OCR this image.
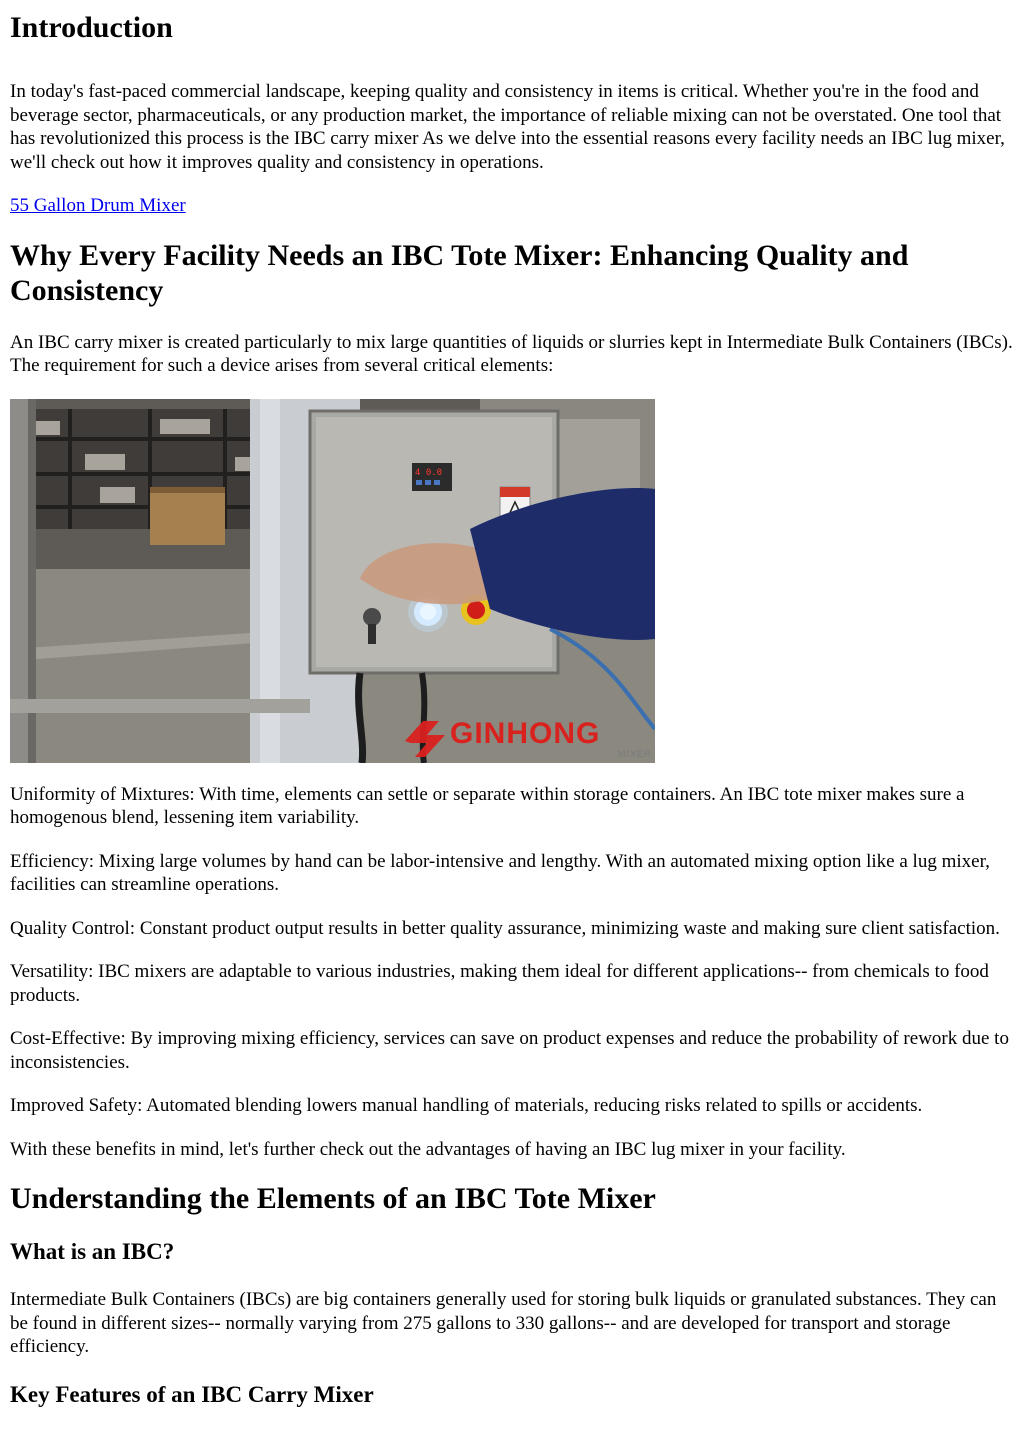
Introduction

In today's fast-paced commercial landscape, keeping quality and consistency in items is critical. Whether you're in the food and beverage sector, pharmaceuticals, or any production market, the importance of reliable mixing can not be overstated. One tool that has revolutionized this process is the IBC carry mixer As we delve into the essential reasons every facility needs an IBC lug mixer, we'll check out how it improves quality and consistency in operations.

55 Gallon Drum Mixer

Why Every Facility Needs an IBC Tote Mixer: Enhancing Quality and Consistency

An IBC carry mixer is created particularly to mix large quantities of liquids or slurries kept in Intermediate Bulk Containers (IBCs). The requirement for such a device arises from several critical elements:

4 0.0
GINHONG
MIXER

Uniformity of Mixtures: With time, elements can settle or separate within storage containers. An IBC tote mixer makes sure a homogenous blend, lessening item variability.

Efficiency: Mixing large volumes by hand can be labor-intensive and lengthy. With an automated mixing option like a lug mixer, facilities can streamline operations.

Quality Control: Constant product output results in better quality assurance, minimizing waste and making sure client satisfaction.

Versatility: IBC mixers are adaptable to various industries, making them ideal for different applications-- from chemicals to food products.

Cost-Effective: By improving mixing efficiency, services can save on product expenses and reduce the probability of rework due to inconsistencies.

Improved Safety: Automated blending lowers manual handling of materials, reducing risks related to spills or accidents.

With these benefits in mind, let's further check out the advantages of having an IBC lug mixer in your facility.

Understanding the Elements of an IBC Tote Mixer
What is an IBC?

Intermediate Bulk Containers (IBCs) are big containers generally used for storing bulk liquids or granulated substances. They can be found in different sizes-- normally varying from 275 gallons to 330 gallons-- and are developed for transport and storage efficiency.

Key Features of an IBC Carry Mixer
